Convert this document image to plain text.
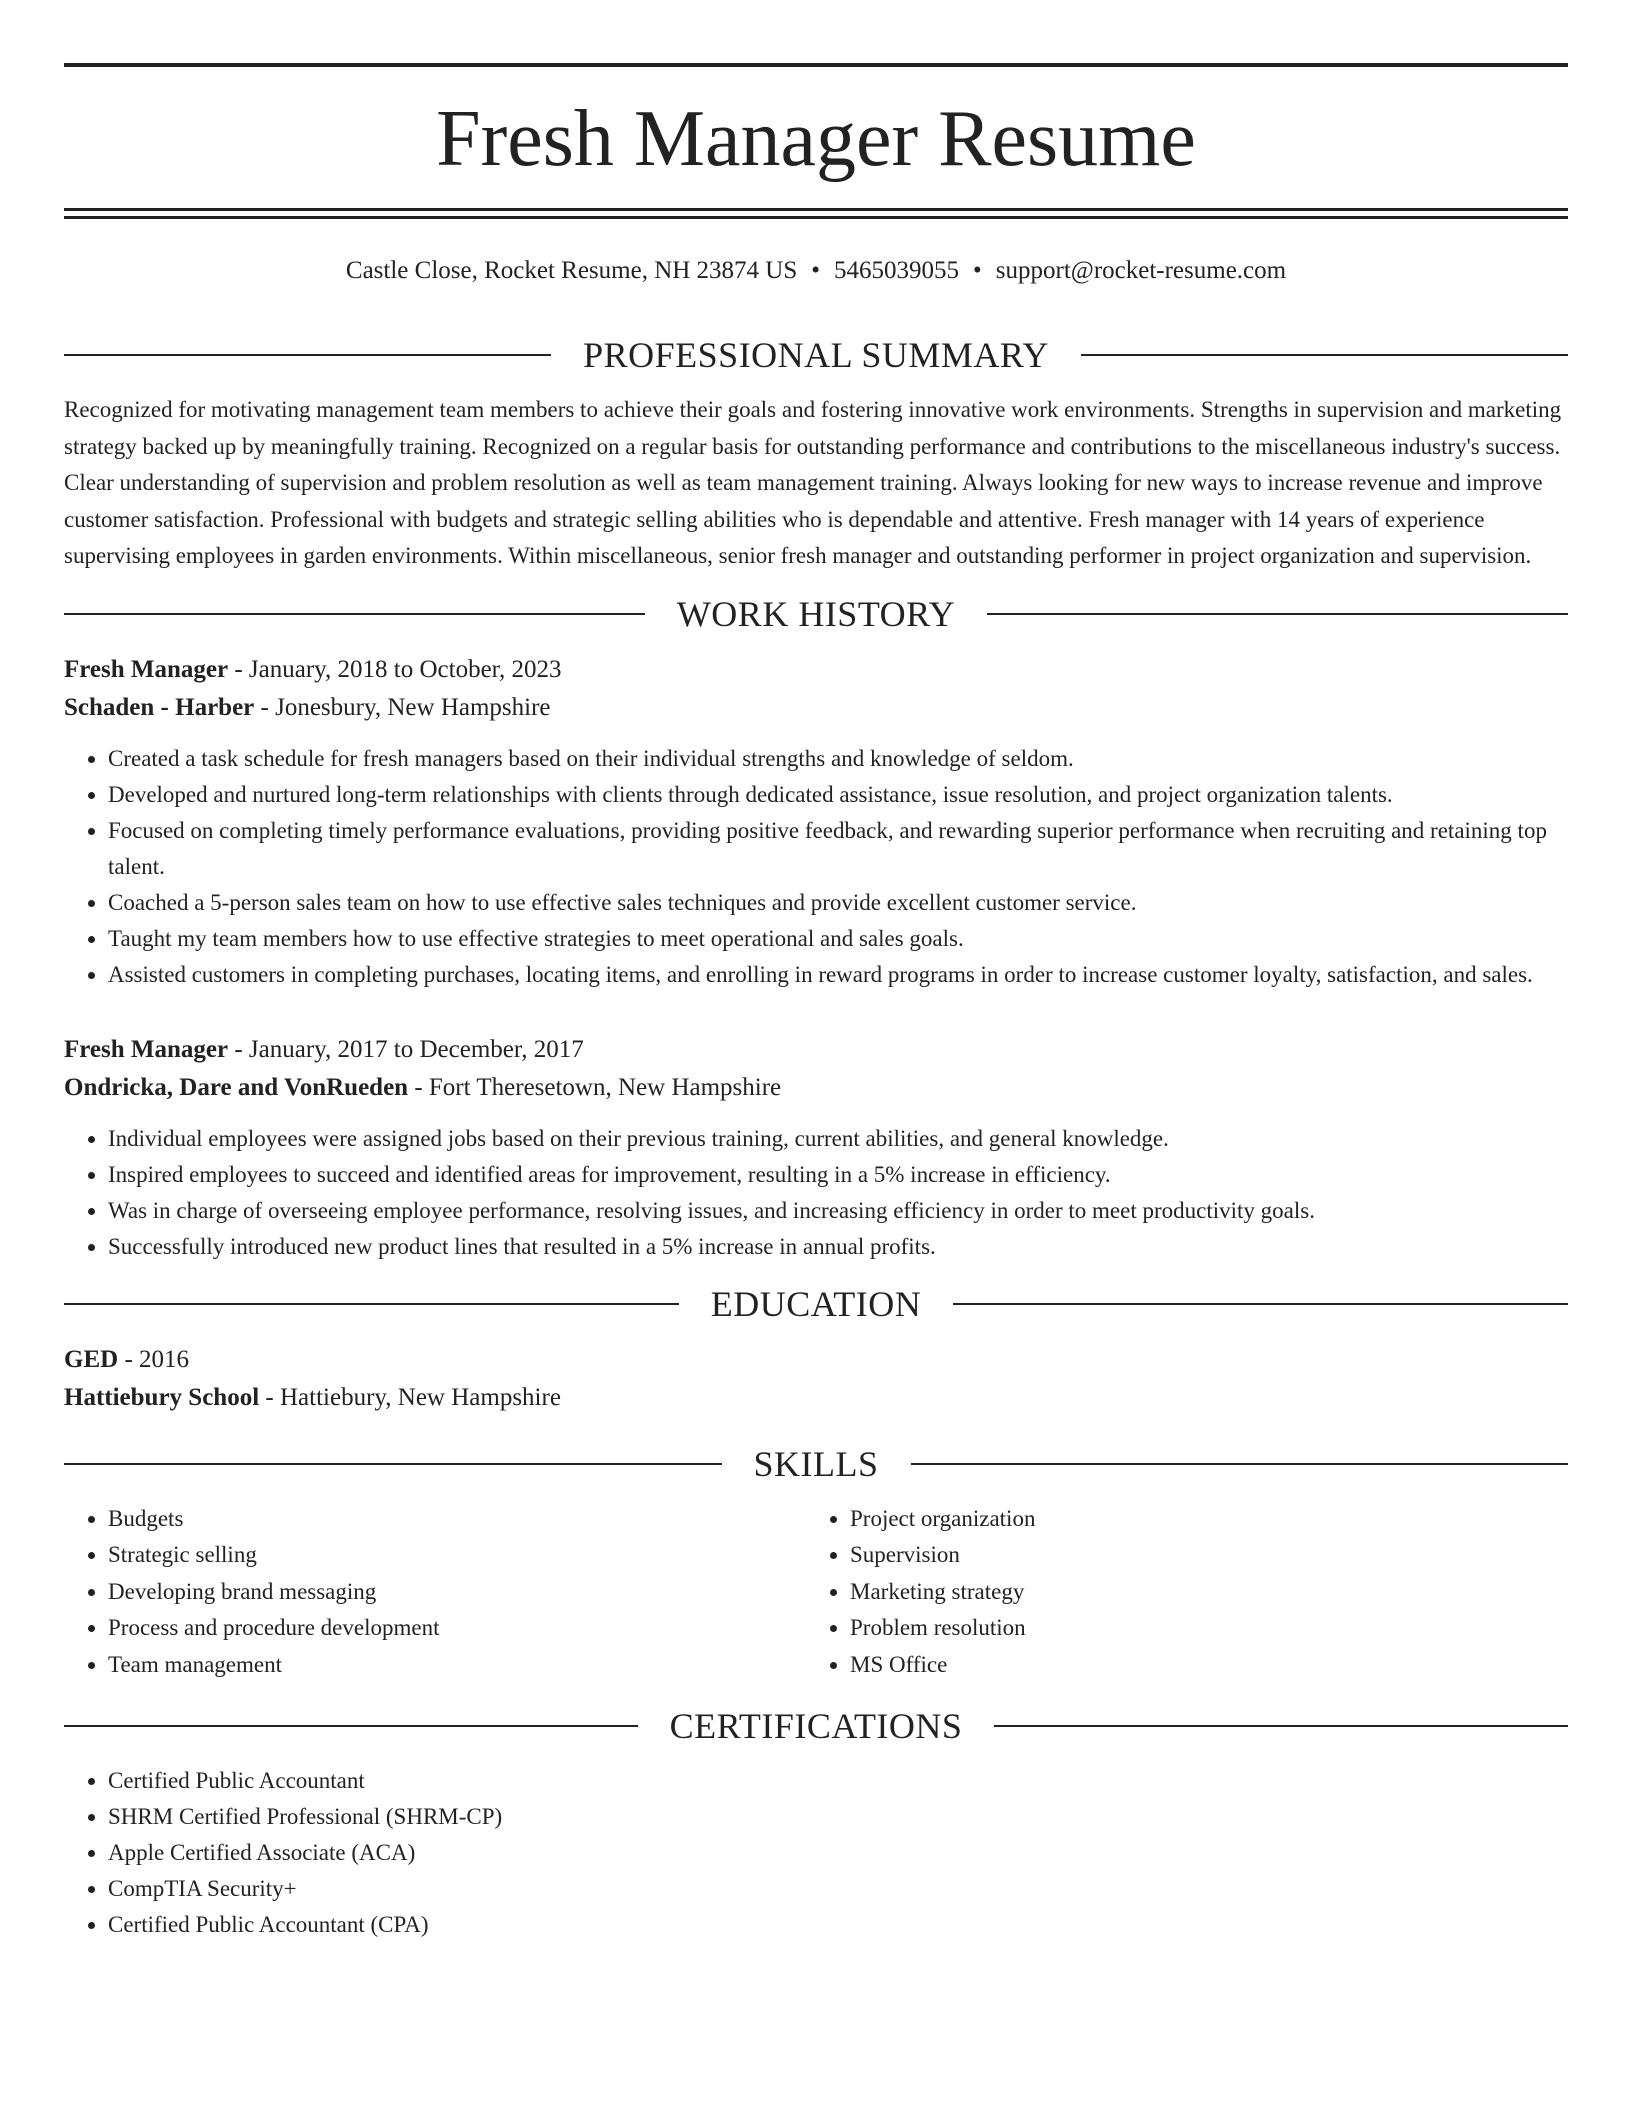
Fresh Manager Resume
Castle Close, Rocket Resume, NH 23874 US • 5465039055 • support@rocket-resume.com
PROFESSIONAL SUMMARY

Recognized for motivating management team members to achieve their goals and fostering innovative work environments. Strengths in supervision and marketing strategy backed up by meaningfully training. Recognized on a regular basis for outstanding performance and contributions to the miscellaneous industry's success. Clear understanding of supervision and problem resolution as well as team management training. Always looking for new ways to increase revenue and improve customer satisfaction. Professional with budgets and strategic selling abilities who is dependable and attentive. Fresh manager with 14 years of experience supervising employees in garden environments. Within miscellaneous, senior fresh manager and outstanding performer in project organization and supervision.

WORK HISTORY
Fresh Manager - January, 2018 to October, 2023
Schaden - Harber - Jonesbury, New Hampshire
• Created a task schedule for fresh managers based on their individual strengths and knowledge of seldom.
• Developed and nurtured long-term relationships with clients through dedicated assistance, issue resolution, and project organization talents.
• Focused on completing timely performance evaluations, providing positive feedback, and rewarding superior performance when recruiting and retaining top talent.
• Coached a 5-person sales team on how to use effective sales techniques and provide excellent customer service.
• Taught my team members how to use effective strategies to meet operational and sales goals.
• Assisted customers in completing purchases, locating items, and enrolling in reward programs in order to increase customer loyalty, satisfaction, and sales.
Fresh Manager - January, 2017 to December, 2017
Ondricka, Dare and VonRueden - Fort Theresetown, New Hampshire
• Individual employees were assigned jobs based on their previous training, current abilities, and general knowledge.
• Inspired employees to succeed and identified areas for improvement, resulting in a 5% increase in efficiency.
• Was in charge of overseeing employee performance, resolving issues, and increasing efficiency in order to meet productivity goals.
• Successfully introduced new product lines that resulted in a 5% increase in annual profits.
EDUCATION
GED - 2016
Hattiebury School - Hattiebury, New Hampshire
SKILLS
• Budgets
• Strategic selling
• Developing brand messaging
• Process and procedure development
• Team management
• Project organization
• Supervision
• Marketing strategy
• Problem resolution
• MS Office
CERTIFICATIONS
• Certified Public Accountant
• SHRM Certified Professional (SHRM-CP)
• Apple Certified Associate (ACA)
• CompTIA Security+
• Certified Public Accountant (CPA)
